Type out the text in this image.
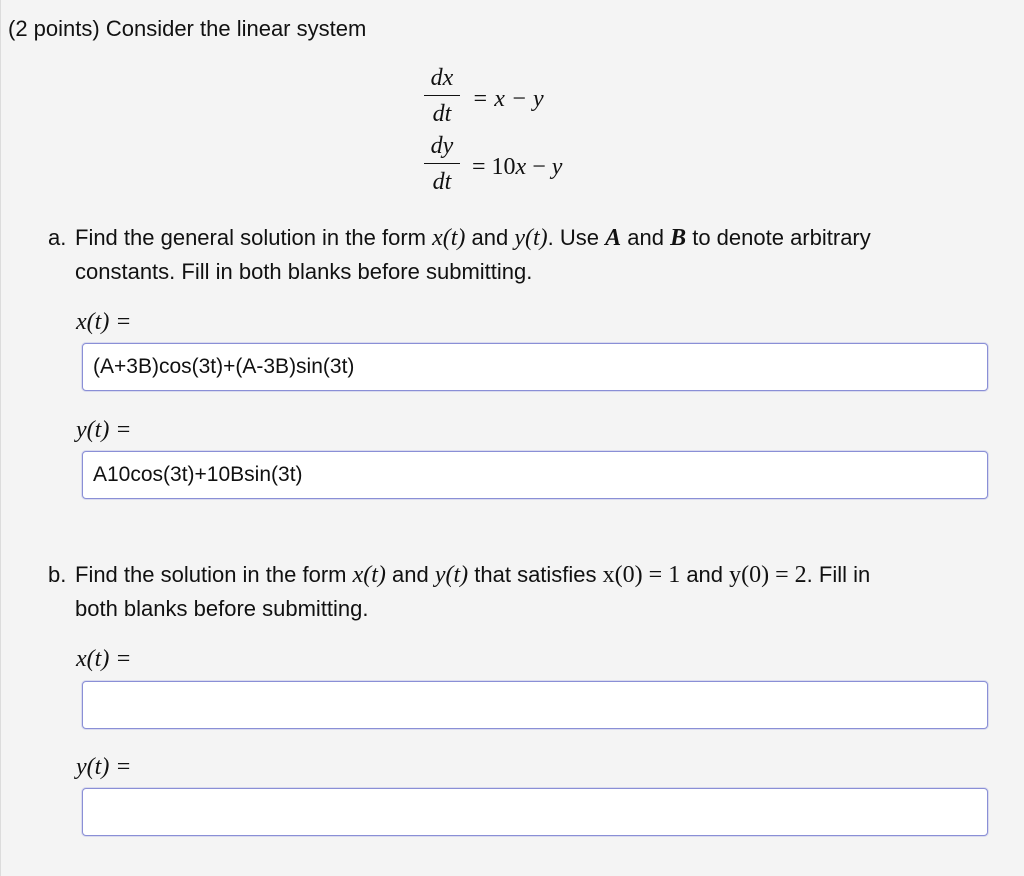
(2 points) Consider the linear system
dx
dt
= x − y
dy
dt
= 10x − y
a. Find the general solution in the form x(t) and y(t). Use A and B to denote arbitrary
constants. Fill in both blanks before submitting.
x(t) =
(A+3B)cos(3t)+(A-3B)sin(3t)
y(t) =
A10cos(3t)+10Bsin(3t)
b. Find the solution in the form x(t) and y(t) that satisfies x(0) = 1 and y(0) = 2. Fill in
both blanks before submitting.
x(t) =
y(t) =
